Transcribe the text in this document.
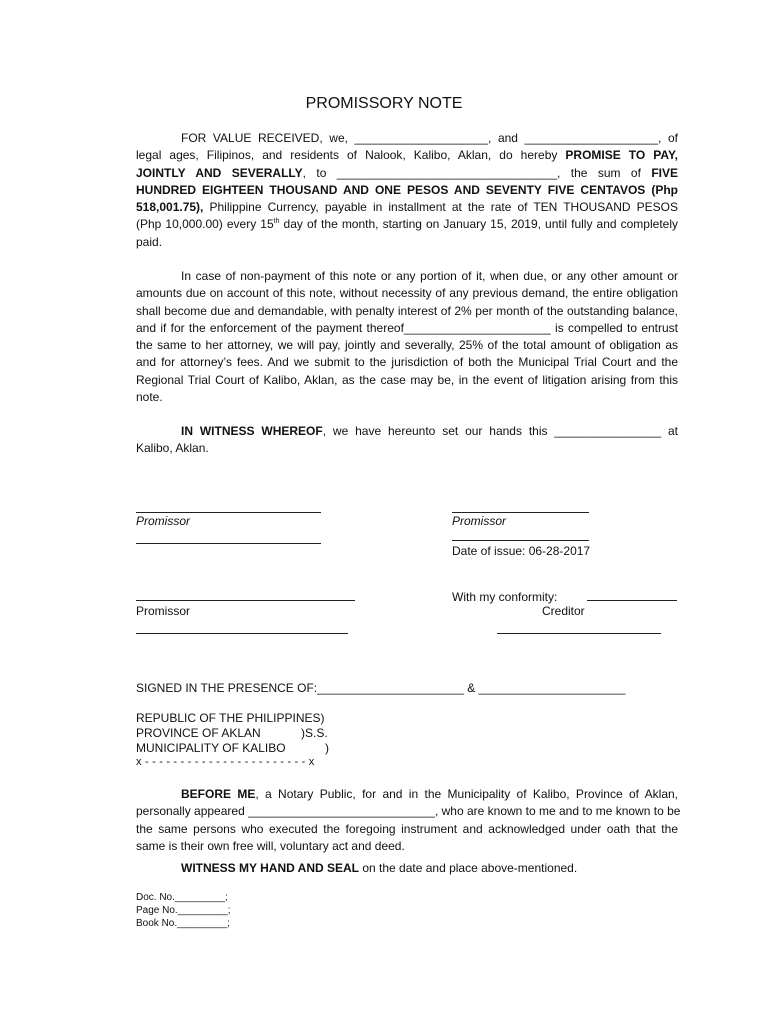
PROMISSORY NOTE
FOR VALUE RECEIVED, we, ____________________, and ____________________, of
legal ages, Filipinos, and residents of Nalook, Kalibo, Aklan, do hereby PROMISE TO PAY,
JOINTLY AND SEVERALLY, to _________________________________, the sum of FIVE
HUNDRED EIGHTEEN THOUSAND AND ONE PESOS AND SEVENTY FIVE CENTAVOS (Php
518,001.75), Philippine Currency, payable in installment at the rate of TEN THOUSAND PESOS
(Php 10,000.00) every 15th day of the month, starting on January 15, 2019, until fully and completely
paid.
In case of non-payment of this note or any portion of it, when due, or any other amount or
amounts due on account of this note, without necessity of any previous demand, the entire obligation
shall become due and demandable, with penalty interest of 2% per month of the outstanding balance,
and if for the enforcement of the payment thereof______________________ is compelled to entrust
the same to her attorney, we will pay, jointly and severally, 25% of the total amount of obligation as
and for attorney’s fees. And we submit to the jurisdiction of both the Municipal Trial Court and the
Regional Trial Court of Kalibo, Aklan, as the case may be, in the event of litigation arising from this
note.
IN WITNESS WHEREOF, we have hereunto set our hands this ________________ at
Kalibo, Aklan.
Promissor	Promissor
Date of issue: 06-28-2017
Promissor
With my conformity:
Creditor
SIGNED IN THE PRESENCE OF:______________________ & ______________________
REPUBLIC OF THE PHILIPPINES)
PROVINCE OF AKLAN	)S.S.
MUNICIPALITY OF KALIBO	)
x - - - - - - - - - - - - - - - - - - - - - - - x
BEFORE ME, a Notary Public, for and in the Municipality of Kalibo, Province of Aklan,
personally appeared ____________________________, who are known to me and to me known to be
the same persons who executed the foregoing instrument and acknowledged under oath that the
same is their own free will, voluntary act and deed.
WITNESS MY HAND AND SEAL on the date and place above-mentioned.
Doc. No._________;
Page No._________;
Book No._________;
